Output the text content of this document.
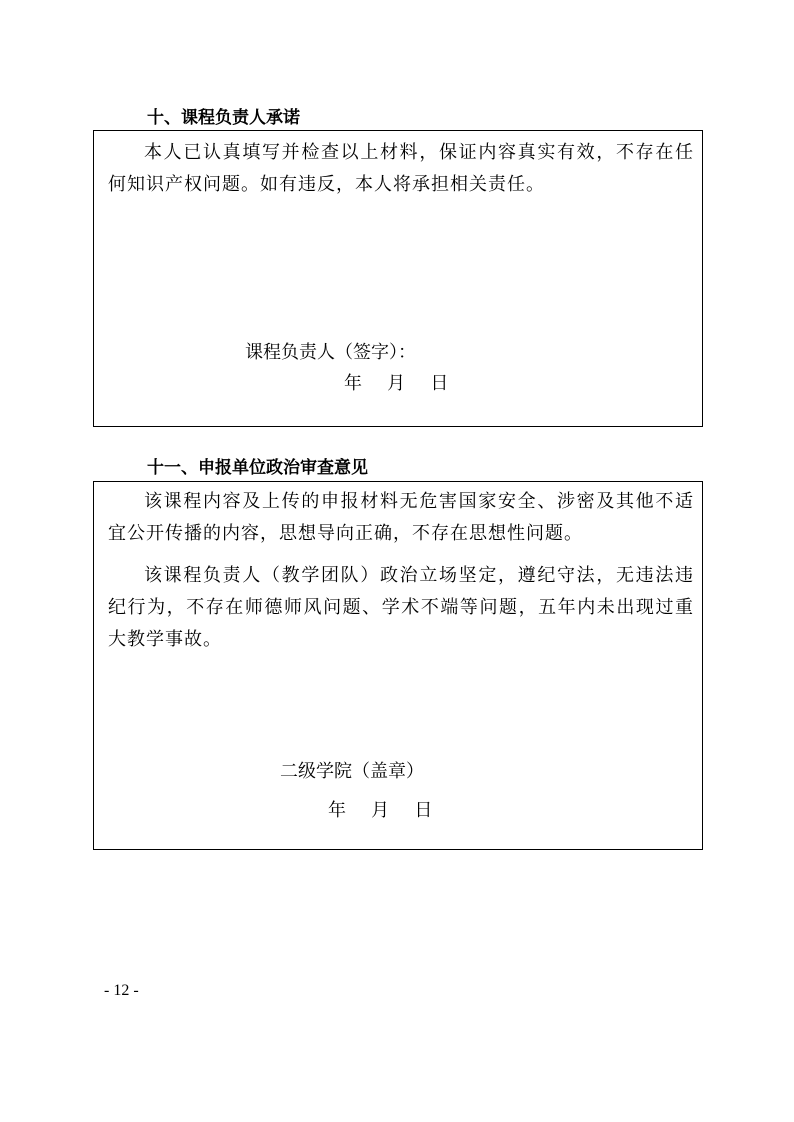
十、课程负责人承诺

本人已认真填写并检查以上材料，保证内容真实有效，不存在任何知识产权问题。如有违反，本人将承担相关责任。

课程负责人（签字）：

年   月   日

十一、申报单位政治审查意见

该课程内容及上传的申报材料无危害国家安全、涉密及其他不适宜公开传播的内容，思想导向正确，不存在思想性问题。

该课程负责人（教学团队）政治立场坚定，遵纪守法，无违法违纪行为，不存在师德师风问题、学术不端等问题，五年内未出现过重大教学事故。

二级学院（盖章）

年   月   日

- 12 -
